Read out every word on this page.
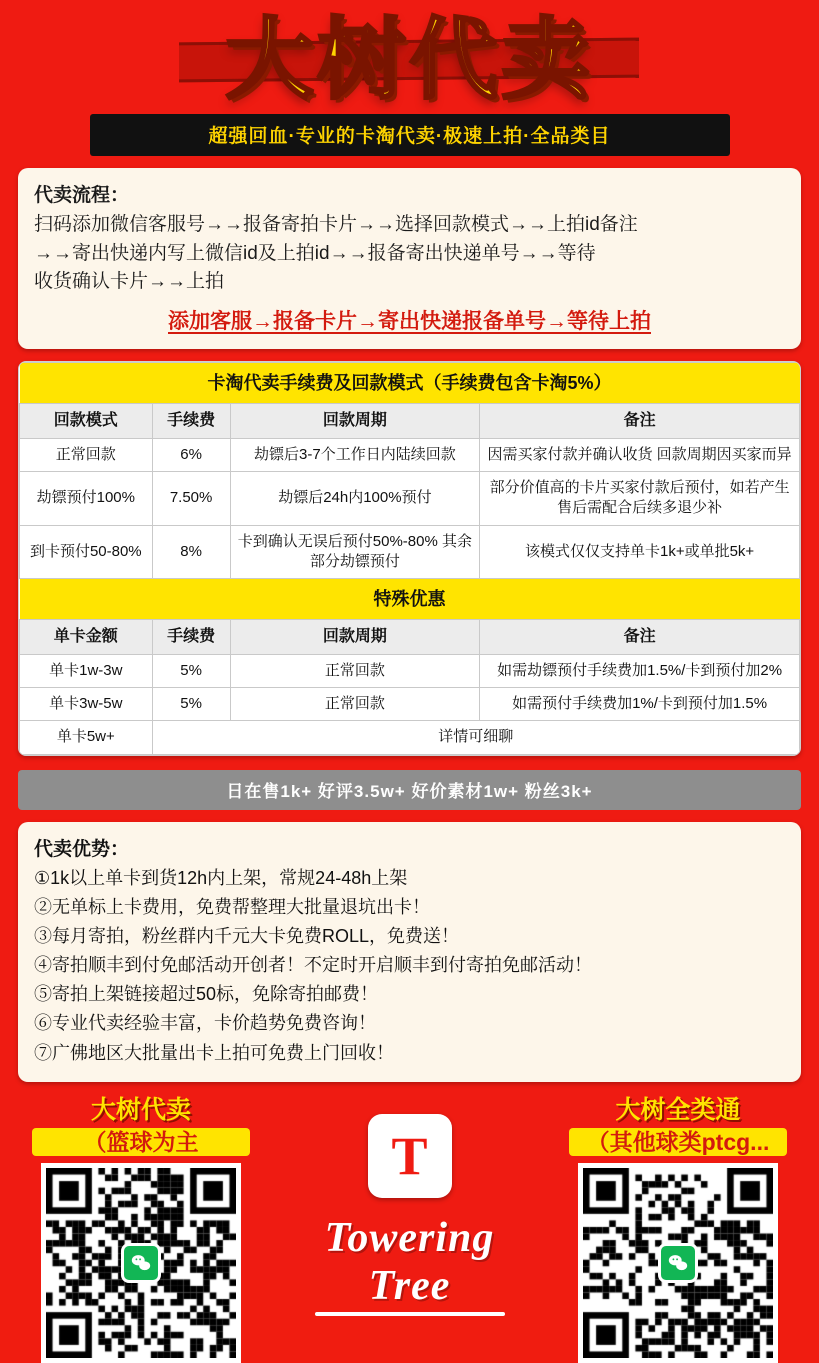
大树代卖
超强回血·专业的卡淘代卖·极速上拍·全品类目
代卖流程：
扫码添加微信客服号→→报备寄拍卡片→→选择回款模式→→上拍id备注
→→寄出快递内写上微信id及上拍id→→报备寄出快递单号→→等待
收货确认卡片→→上拍
添加客服→报备卡片→寄出快递报备单号→等待上拍
卡淘代卖手续费及回款模式（手续费包含卡淘5%）			
回款模式	手续费	回款周期	备注
正常回款	6%	劫镖后3-7个工作日内陆续回款	因需买家付款并确认收货 回款周期因买家而异
劫镖预付100%	7.50%	劫镖后24h内100%预付	部分价值高的卡片买家付款后预付，如若产生售后需配合后续多退少补
到卡预付50-80%	8%	卡到确认无误后预付50%-80% 其余部分劫镖预付	该模式仅仅支持单卡1k+或单批5k+
特殊优惠			
单卡金额	手续费	回款周期	备注
单卡1w-3w	5%	正常回款	如需劫镖预付手续费加1.5%/卡到预付加2%
单卡3w-5w	5%	正常回款	如需预付手续费加1%/卡到预付加1.5%
单卡5w+	详情可细聊		
日在售1k+ 好评3.5w+ 好价素材1w+ 粉丝3k+
代卖优势：
①1k以上单卡到货12h内上架，常规24-48h上架
②无单标上卡费用，免费帮整理大批量退坑出卡！
③每月寄拍，粉丝群内千元大卡免费ROLL，免费送！
④寄拍顺丰到付免邮活动开创者！不定时开启顺丰到付寄拍免邮活动！
⑤寄拍上架链接超过50标，免除寄拍邮费！
⑥专业代卖经验丰富，卡价趋势免费咨询！
⑦广佛地区大批量出卡上拍可免费上门回收！
大树代卖
（篮球为主	T
Towering Tree
大树全类通
（其他球类ptcg...
